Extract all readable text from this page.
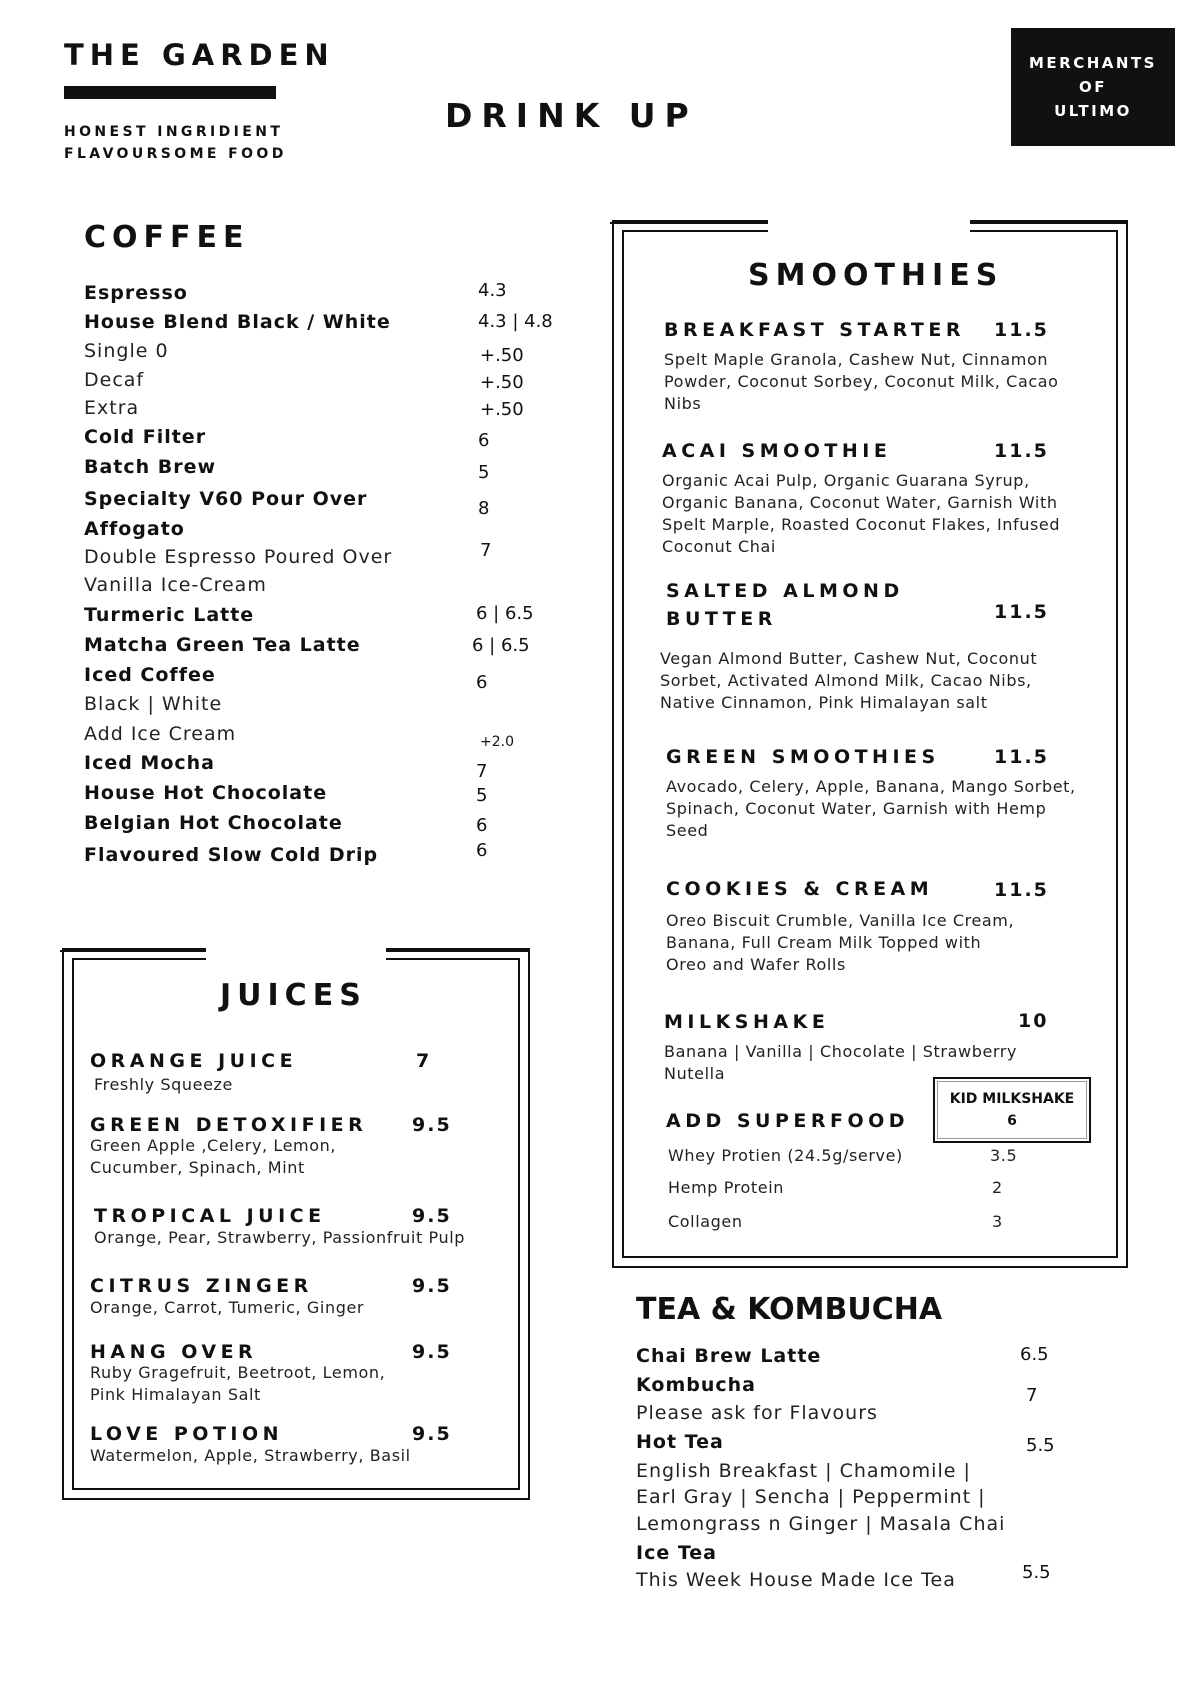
THE GARDEN
HONEST INGRIDIENT
FLAVOURSOME FOOD
DRINK UP
MERCHANTS
OF
ULTIMO
COFFEE
Espresso	4.3
House Blend Black / White	4.3 | 4.8
Single 0	+.50
Decaf	+.50
Extra	+.50
Cold Filter	6
Batch Brew	5
Specialty V60 Pour Over	8
Affogato
Double Espresso Poured Over	7
Vanilla Ice-Cream
Turmeric Latte	6 | 6.5
Matcha Green Tea Latte	6 | 6.5
Iced Coffee	6
Black | White
Add Ice Cream	+2.0
Iced Mocha	7
House Hot Chocolate	5
Belgian Hot Chocolate	6
Flavoured Slow Cold Drip	6
JUICES
ORANGE JUICE	7
Freshly Squeeze
GREEN DETOXIFIER 9.5
Green Apple ,Celery, Lemon,
Cucumber, Spinach, Mint
TROPICAL JUICE	9.5
Orange, Pear, Strawberry, Passionfruit Pulp
CITRUS ZINGER	9.5
Orange, Carrot, Tumeric, Ginger
HANG OVER	9.5
Ruby Gragefruit, Beetroot, Lemon,
Pink Himalayan Salt
LOVE POTION	9.5
Watermelon, Apple, Strawberry, Basil
SMOOTHIES
BREAKFAST STARTER 11.5
Spelt Maple Granola, Cashew Nut, Cinnamon Powder, Coconut Sorbey, Coconut Milk, Cacao Nibs
ACAI SMOOTHIE	11.5
Organic Acai Pulp, Organic Guarana Syrup, Organic Banana, Coconut Water, Garnish With Spelt Marple, Roasted Coconut Flakes, Infused Coconut Chai
SALTED ALMOND
BUTTER	11.5
Vegan Almond Butter, Cashew Nut, Coconut Sorbet, Activated Almond Milk, Cacao Nibs, Native Cinnamon, Pink Himalayan salt
GREEN SMOOTHIES	11.5
Avocado, Celery, Apple, Banana, Mango Sorbet, Spinach, Coconut Water, Garnish with Hemp Seed
COOKIES & CREAM	11.5
Oreo Biscuit Crumble, Vanilla Ice Cream, Banana, Full Cream Milk Topped with Oreo and Wafer Rolls
MILKSHAKE	10
Banana | Vanilla | Chocolate | Strawberry
Nutella
KID MILKSHAKE
6
ADD SUPERFOOD
Whey Protien (24.5g/serve)	3.5
Hemp Protein	2
Collagen	3
TEA & KOMBUCHA
Chai Brew Latte	6.5
Kombucha	7
Please ask for Flavours
Hot Tea	5.5
English Breakfast | Chamomile |
Earl Gray | Sencha | Peppermint |
Lemongrass n Ginger | Masala Chai
Ice Tea
This Week House Made Ice Tea	5.5
